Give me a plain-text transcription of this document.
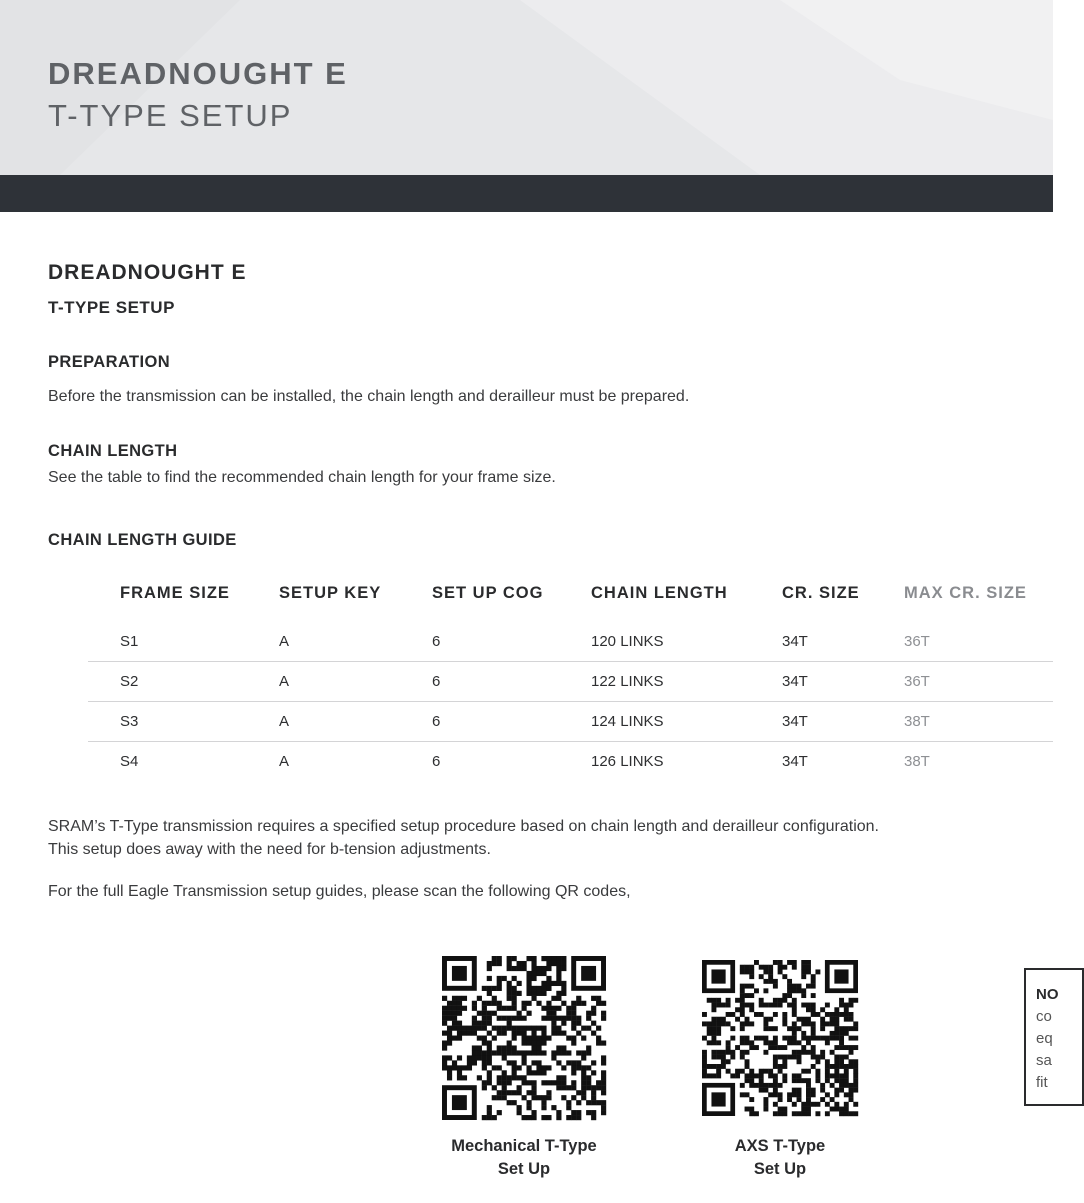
DREADNOUGHT E
T-TYPE SETUP
DREADNOUGHT E
T-TYPE SETUP
PREPARATION

Before the transmission can be installed, the chain length and derailleur must be prepared.

CHAIN LENGTH

See the table to find the recommended chain length for your frame size.

CHAIN LENGTH GUIDE
FRAME SIZE	SETUP KEY	SET UP COG	CHAIN LENGTH	CR. SIZE	MAX CR. SIZE
S1	A	6	120 LINKS	34T	36T
S2	A	6	122 LINKS	34T	36T
S3	A	6	124 LINKS	34T	38T
S4	A	6	126 LINKS	34T	38T

SRAM’s T-Type transmission requires a specified setup procedure based on chain length and derailleur configuration.

This setup does away with the need for b-tension adjustments.

For the full Eagle Transmission setup guides, please scan the following QR codes,

Mechanical T-Type
Set Up
AXS T-Type
Set Up
NO
co
eq
sa
fit
